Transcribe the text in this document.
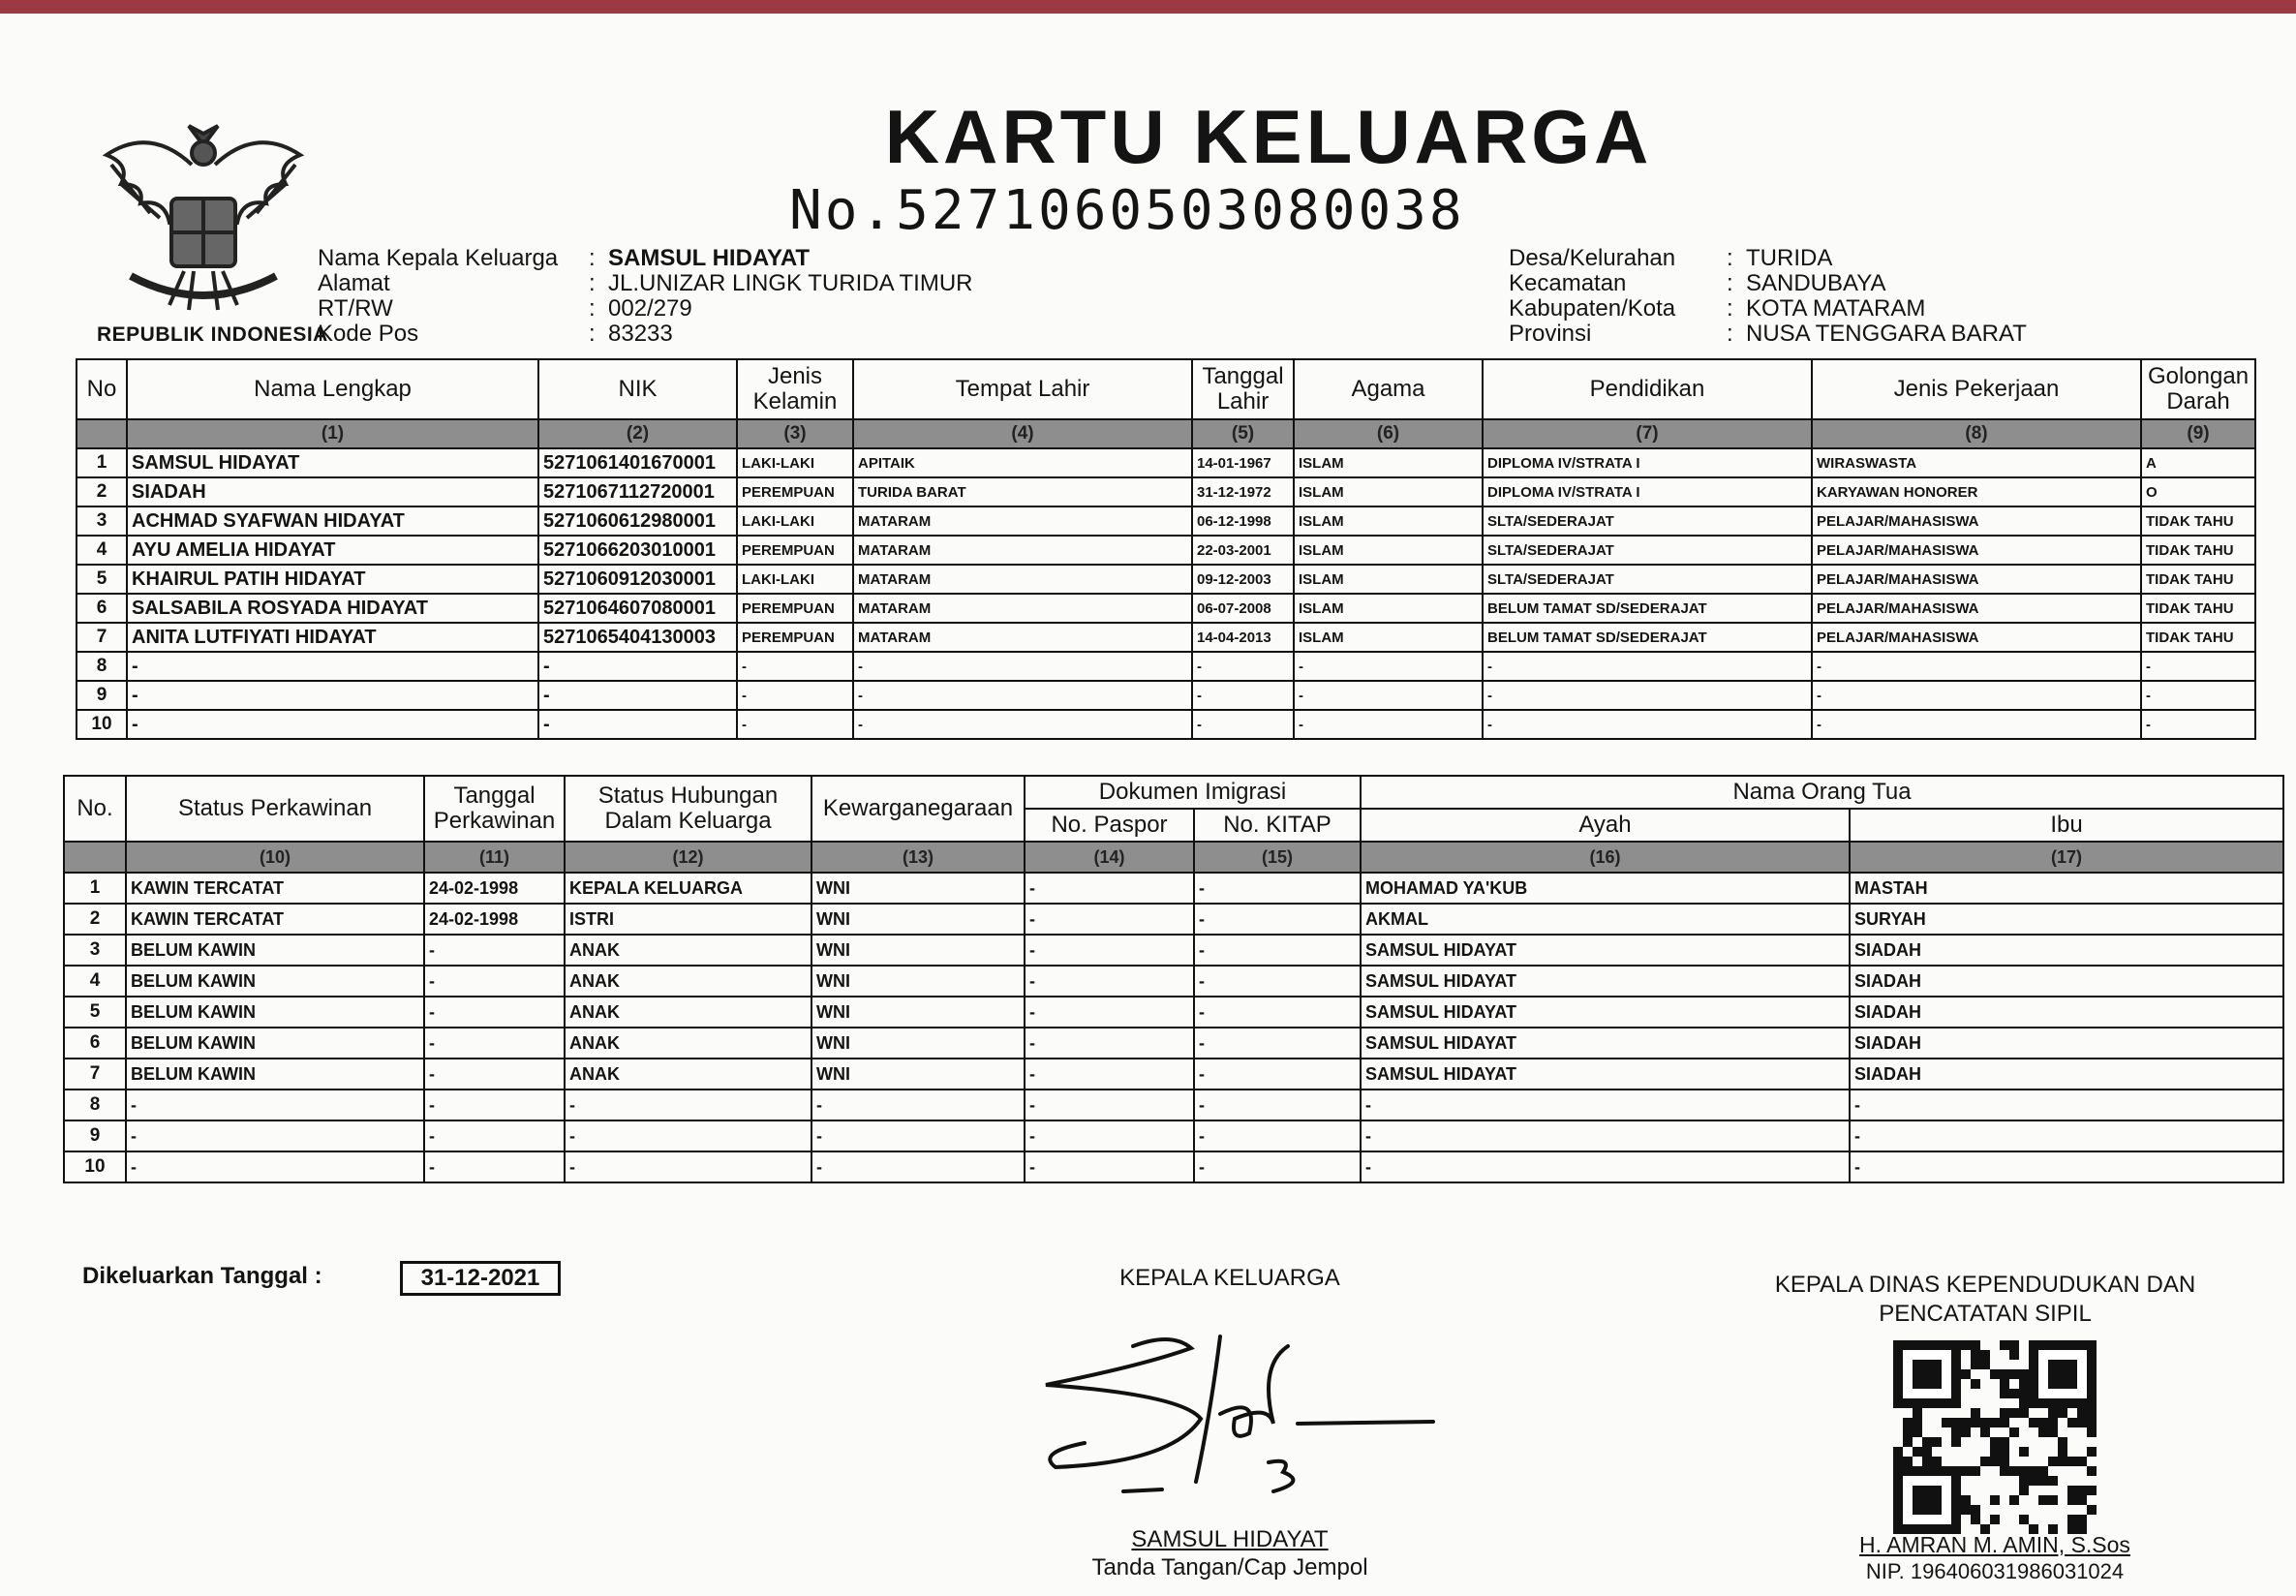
REPUBLIK INDONESIA
KARTU KELUARGA
No.5271060503080038
Nama Kepala Keluarga	: SAMSUL HIDAYAT
Alamat	: JL.UNIZAR LINGK TURIDA TIMUR
RT/RW	: 002/279
Kode Pos	: 83233
Desa/Kelurahan	: TURIDA
Kecamatan	: SANDUBAYA
Kabupaten/Kota	: KOTA MATARAM
Provinsi	: NUSA TENGGARA BARAT
No	Nama Lengkap	NIK	Jenis Kelamin	Tempat Lahir	Tanggal Lahir	Agama	Pendidikan	Jenis Pekerjaan	Golongan Darah
	(1)	(2)	(3)	(4)	(5)	(6)	(7)	(8)	(9)
1	SAMSUL HIDAYAT	5271061401670001	LAKI-LAKI	APITAIK	14-01-1967	ISLAM	DIPLOMA IV/STRATA I	WIRASWASTA	A
2	SIADAH	5271067112720001	PEREMPUAN	TURIDA BARAT	31-12-1972	ISLAM	DIPLOMA IV/STRATA I	KARYAWAN HONORER	O
3	ACHMAD SYAFWAN HIDAYAT	5271060612980001	LAKI-LAKI	MATARAM	06-12-1998	ISLAM	SLTA/SEDERAJAT	PELAJAR/MAHASISWA	TIDAK TAHU
4	AYU AMELIA HIDAYAT	5271066203010001	PEREMPUAN	MATARAM	22-03-2001	ISLAM	SLTA/SEDERAJAT	PELAJAR/MAHASISWA	TIDAK TAHU
5	KHAIRUL PATIH HIDAYAT	5271060912030001	LAKI-LAKI	MATARAM	09-12-2003	ISLAM	SLTA/SEDERAJAT	PELAJAR/MAHASISWA	TIDAK TAHU
6	SALSABILA ROSYADA HIDAYAT	5271064607080001	PEREMPUAN	MATARAM	06-07-2008	ISLAM	BELUM TAMAT SD/SEDERAJAT	PELAJAR/MAHASISWA	TIDAK TAHU
7	ANITA LUTFIYATI HIDAYAT	5271065404130003	PEREMPUAN	MATARAM	14-04-2013	ISLAM	BELUM TAMAT SD/SEDERAJAT	PELAJAR/MAHASISWA	TIDAK TAHU
8	-	-	-	-	-	-	-	-	-
9	-	-	-	-	-	-	-	-	-
10	-	-	-	-	-	-	-	-	-
No.	Status Perkawinan	Tanggal Perkawinan	Status Hubungan Dalam Keluarga	Kewarganegaraan	Dokumen Imigrasi		Nama Orang Tua	
					No. Paspor	No. KITAP	Ayah	Ibu
	(10)	(11)	(12)	(13)	(14)	(15)	(16)	(17)
1	KAWIN TERCATAT	24-02-1998	KEPALA KELUARGA	WNI	-	-	MOHAMAD YA'KUB	MASTAH
2	KAWIN TERCATAT	24-02-1998	ISTRI	WNI	-	-	AKMAL	SURYAH
3	BELUM KAWIN	-	ANAK	WNI	-	-	SAMSUL HIDAYAT	SIADAH
4	BELUM KAWIN	-	ANAK	WNI	-	-	SAMSUL HIDAYAT	SIADAH
5	BELUM KAWIN	-	ANAK	WNI	-	-	SAMSUL HIDAYAT	SIADAH
6	BELUM KAWIN	-	ANAK	WNI	-	-	SAMSUL HIDAYAT	SIADAH
7	BELUM KAWIN	-	ANAK	WNI	-	-	SAMSUL HIDAYAT	SIADAH
8	-	-	-	-	-	-	-	-
9	-	-	-	-	-	-	-	-
10	-	-	-	-	-	-	-	-
Dikeluarkan Tanggal :	31-12-2021	KEPALA KELUARGA
SAMSUL HIDAYAT
Tanda Tangan/Cap Jempol
KEPALA DINAS KEPENDUDUKAN DAN
PENCATATAN SIPIL
H. AMRAN M. AMIN, S.Sos
NIP. 196406031986031024
